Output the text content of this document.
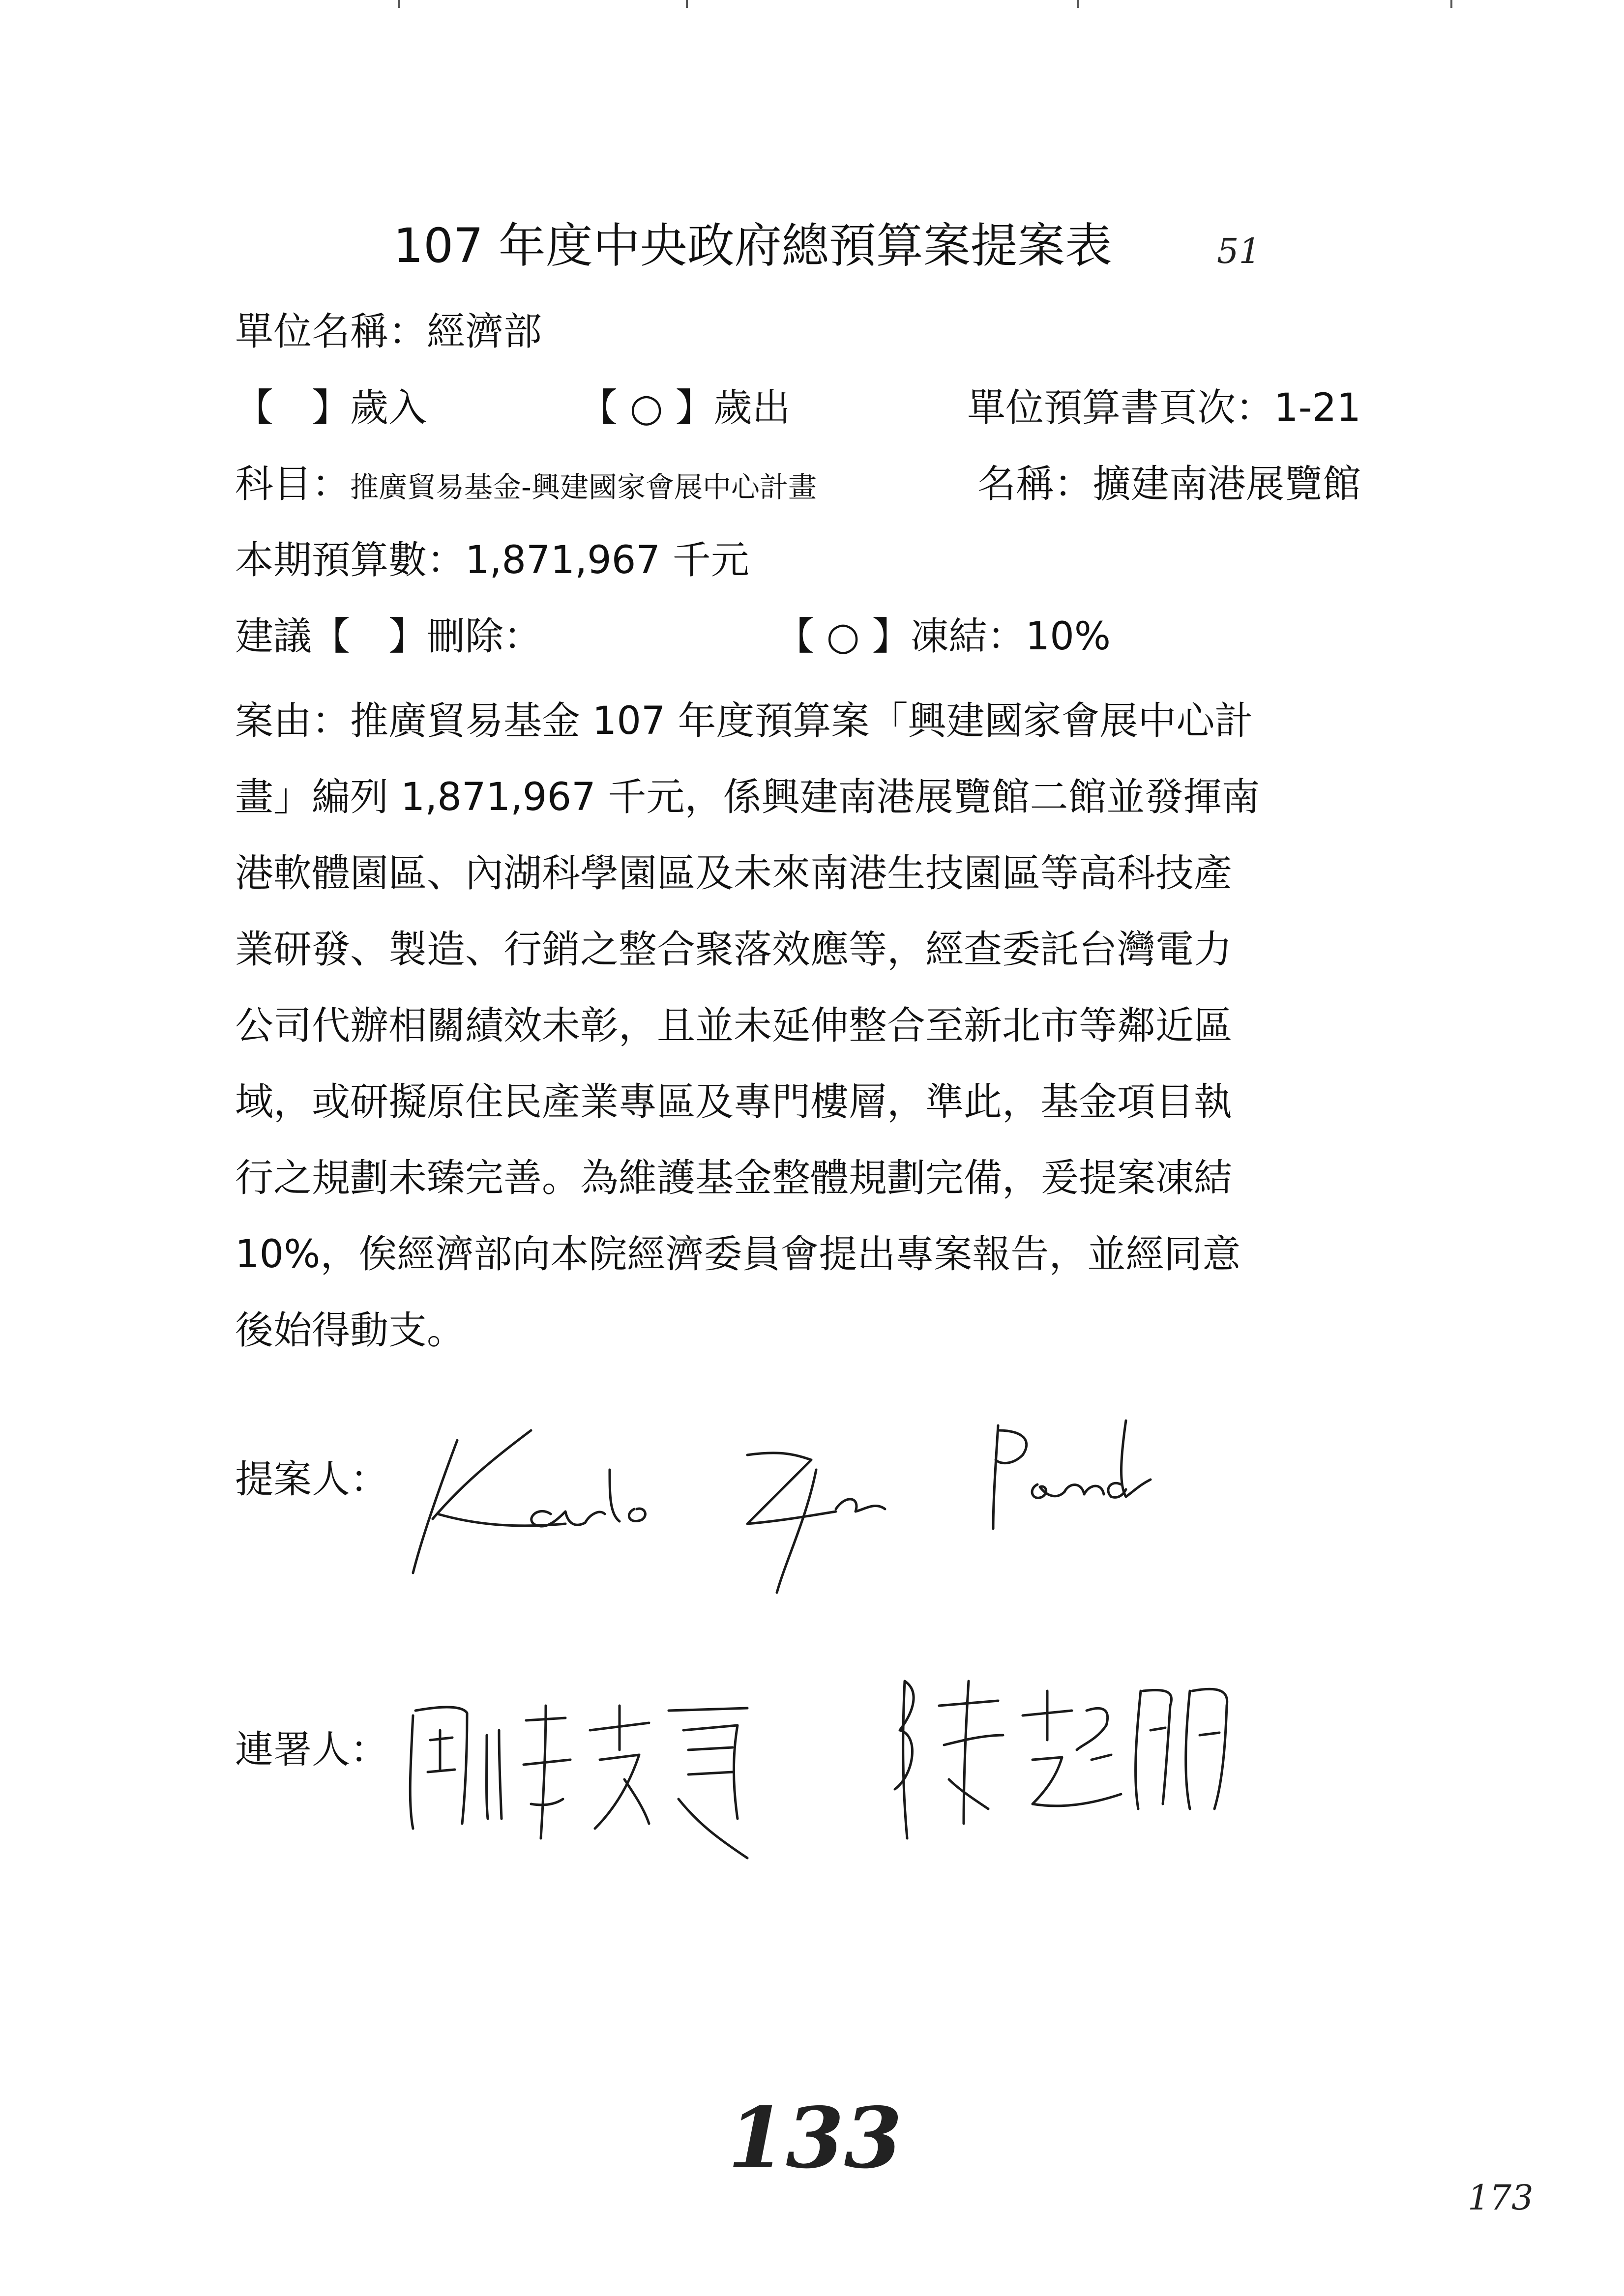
107 年度中央政府總預算案提案表	51
單位名稱：經濟部
【　】歲入	【 ○ 】歲出	單位預算書頁次：1-21
科目：推廣貿易基金-興建國家會展中心計畫	名稱：擴建南港展覽館
本期預算數：1,871,967 千元
建議【　】刪除：	【 ○ 】凍結：10%
案由：推廣貿易基金 107 年度預算案「興建國家會展中心計
畫」編列 1,871,967 千元，係興建南港展覽館二館並發揮南
港軟體園區、內湖科學園區及未來南港生技園區等高科技產
業研發、製造、行銷之整合聚落效應等，經查委託台灣電力
公司代辦相關績效未彰，且並未延伸整合至新北市等鄰近區
域，或研擬原住民產業專區及專門樓層，準此，基金項目執
行之規劃未臻完善。為維護基金整體規劃完備，爰提案凍結
10%，俟經濟部向本院經濟委員會提出專案報告，並經同意
後始得動支。
提案人：
連署人：
133
173
